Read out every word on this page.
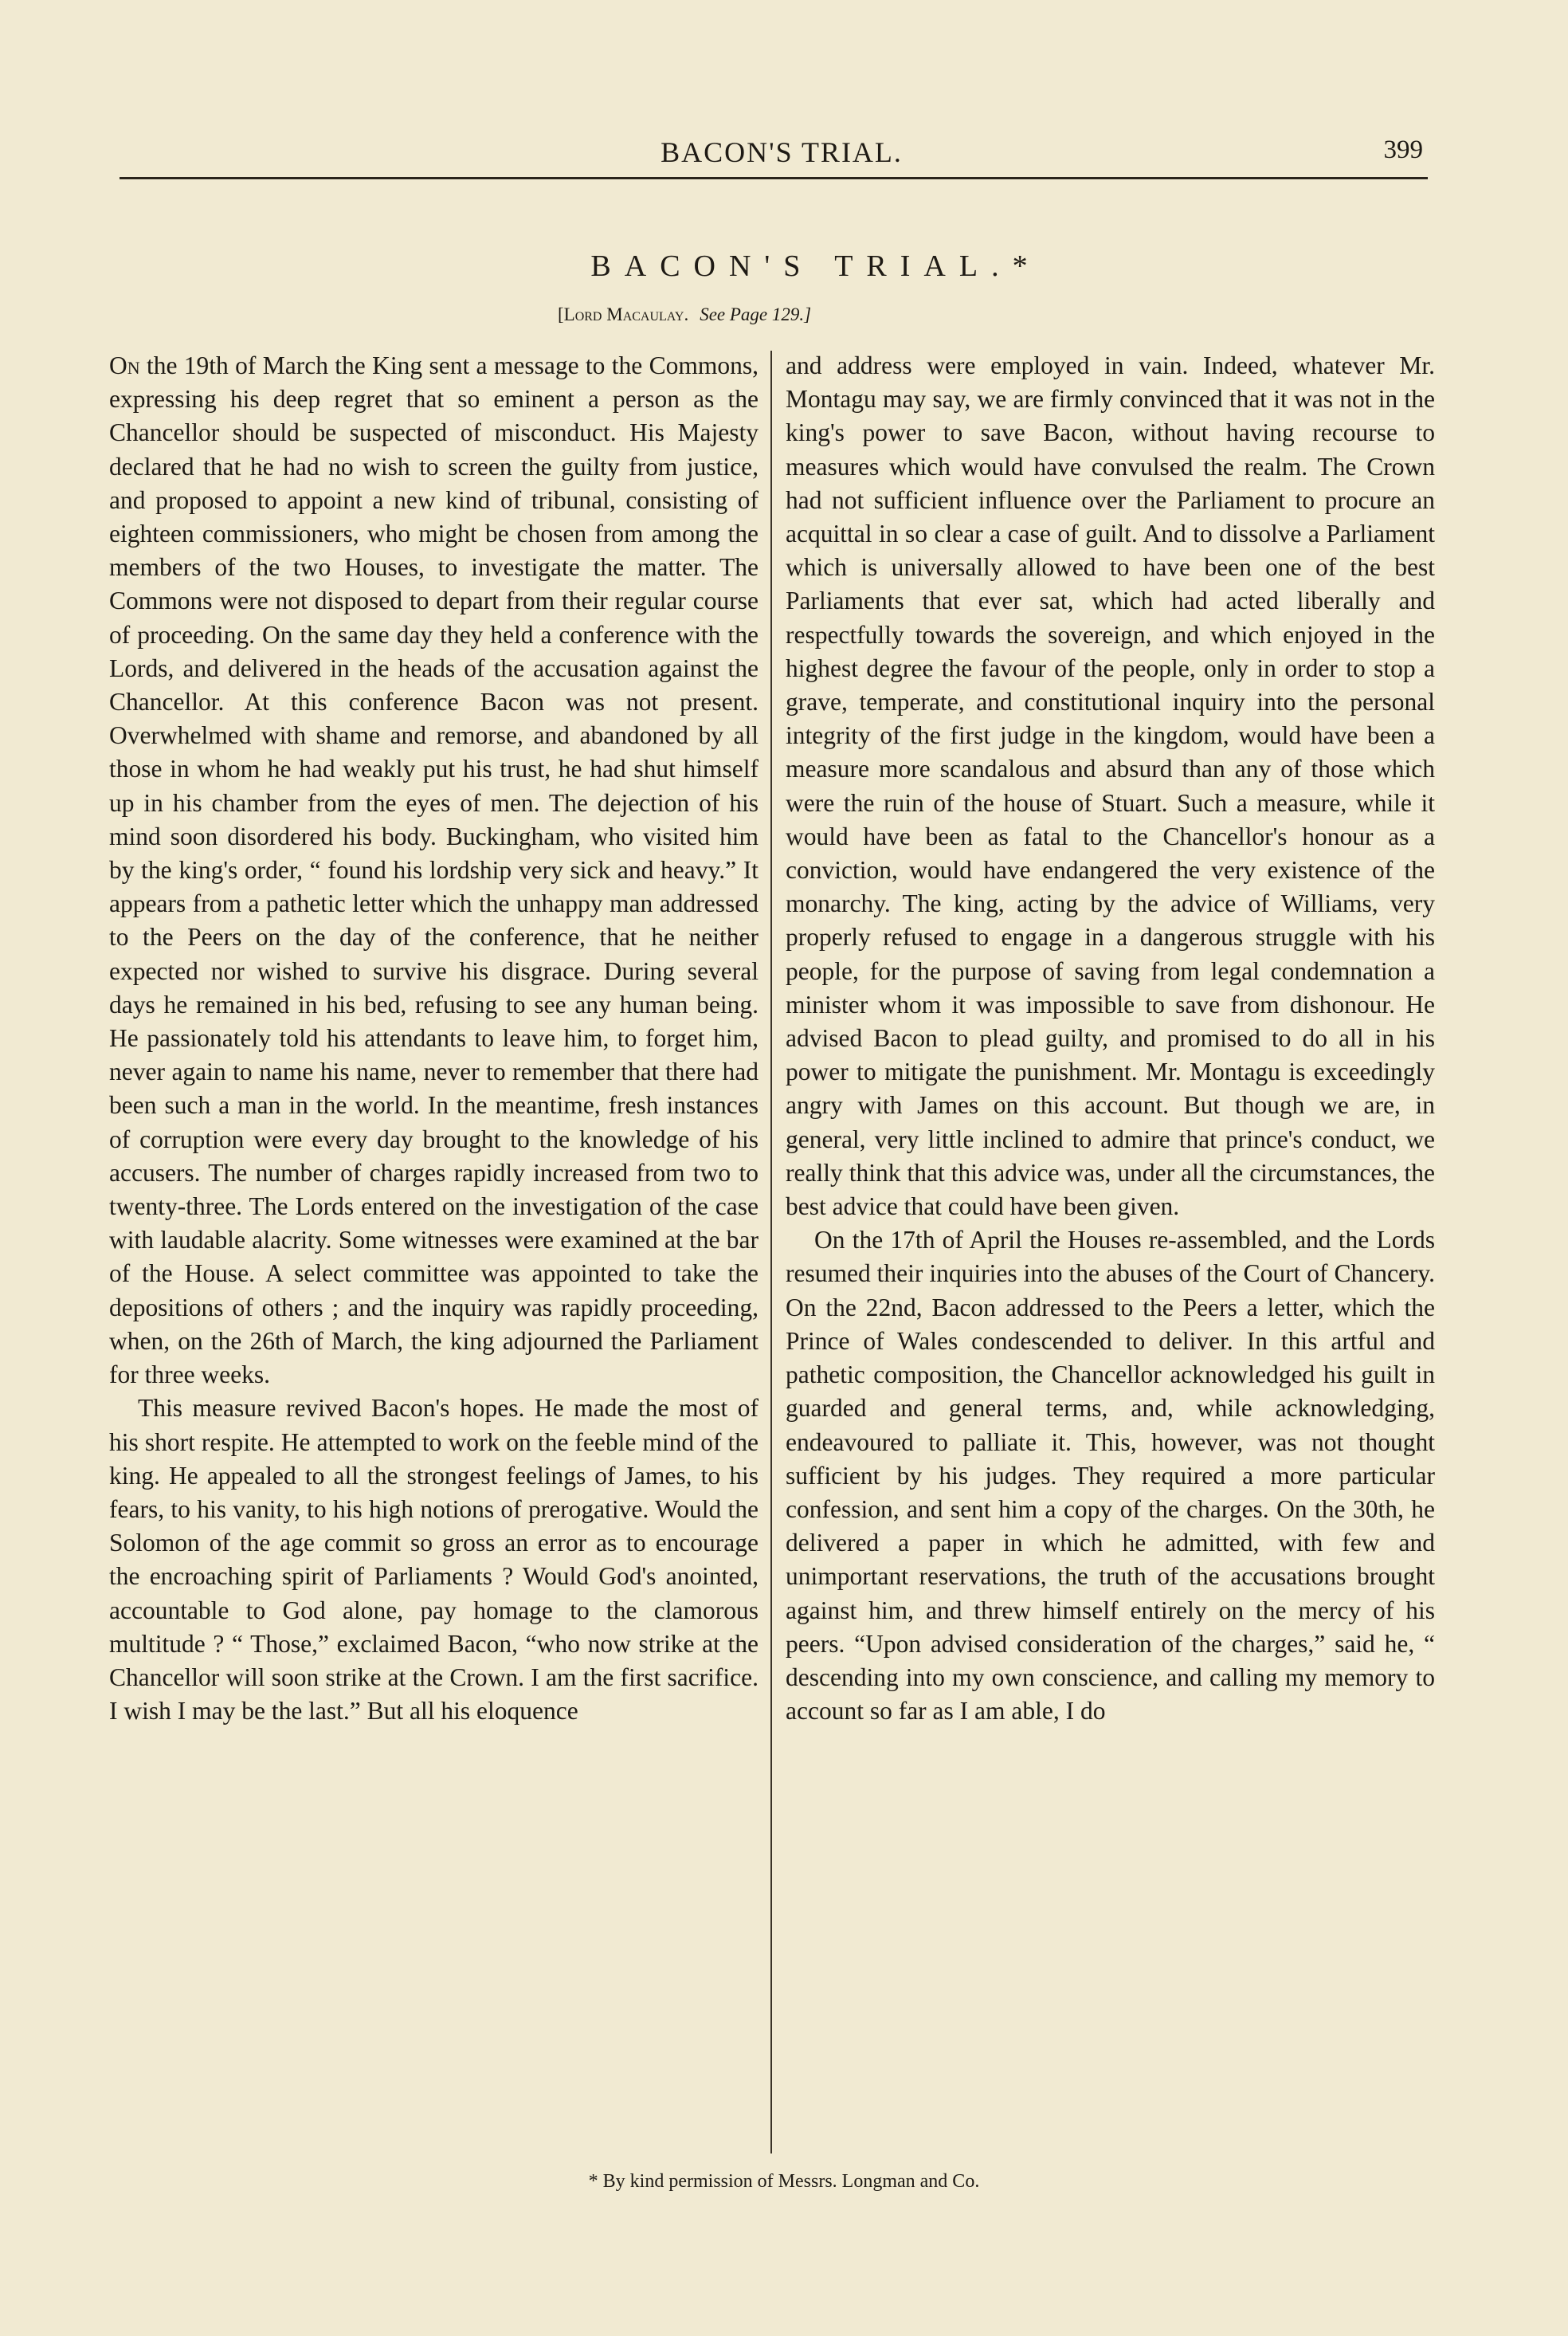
BACON'S TRIAL.	399
BACON'S TRIAL.*
[Lord Macaulay. See Page 129.]

On the 19th of March the King sent a message to the Commons, expressing his deep regret that so eminent a person as the Chancellor should be suspected of misconduct. His Majesty declared that he had no wish to screen the guilty from justice, and proposed to appoint a new kind of tribunal, consisting of eighteen commissioners, who might be chosen from among the members of the two Houses, to investigate the matter. The Commons were not disposed to depart from their regular course of proceeding. On the same day they held a conference with the Lords, and delivered in the heads of the accusation against the Chancellor. At this conference Bacon was not present. Overwhelmed with shame and remorse, and abandoned by all those in whom he had weakly put his trust, he had shut himself up in his chamber from the eyes of men. The dejection of his mind soon disordered his body. Buckingham, who visited him by the king's order, “ found his lordship very sick and heavy.” It appears from a pathetic letter which the unhappy man addressed to the Peers on the day of the conference, that he neither expected nor wished to survive his disgrace. During several days he remained in his bed, refusing to see any human being. He passionately told his attendants to leave him, to forget him, never again to name his name, never to remember that there had been such a man in the world. In the meantime, fresh instances of corruption were every day brought to the knowledge of his accusers. The number of charges rapidly increased from two to twenty-three. The Lords entered on the investigation of the case with laudable alacrity. Some witnesses were examined at the bar of the House. A select committee was appointed to take the depositions of others ; and the inquiry was rapidly proceeding, when, on the 26th of March, the king adjourned the Parliament for three weeks.

This measure revived Bacon's hopes. He made the most of his short respite. He attempted to work on the feeble mind of the king. He appealed to all the strongest feelings of James, to his fears, to his vanity, to his high notions of prerogative. Would the Solomon of the age commit so gross an error as to encourage the encroaching spirit of Parliaments ? Would God's anointed, accountable to God alone, pay homage to the clamorous multitude ? “ Those,” exclaimed Bacon, “who now strike at the Chancellor will soon strike at the Crown. I am the first sacrifice. I wish I may be the last.” But all his eloquence

and address were employed in vain. Indeed, whatever Mr. Montagu may say, we are firmly convinced that it was not in the king's power to save Bacon, without having recourse to measures which would have convulsed the realm. The Crown had not sufficient influence over the Parliament to procure an acquittal in so clear a case of guilt. And to dissolve a Parliament which is universally allowed to have been one of the best Parliaments that ever sat, which had acted liberally and respectfully towards the sovereign, and which enjoyed in the highest degree the favour of the people, only in order to stop a grave, temperate, and constitutional inquiry into the personal integrity of the first judge in the kingdom, would have been a measure more scandalous and absurd than any of those which were the ruin of the house of Stuart. Such a measure, while it would have been as fatal to the Chancellor's honour as a conviction, would have endangered the very existence of the monarchy. The king, acting by the advice of Williams, very properly refused to engage in a dangerous struggle with his people, for the purpose of saving from legal condemnation a minister whom it was impossible to save from dishonour. He advised Bacon to plead guilty, and promised to do all in his power to mitigate the punishment. Mr. Montagu is exceedingly angry with James on this account. But though we are, in general, very little inclined to admire that prince's conduct, we really think that this advice was, under all the circumstances, the best advice that could have been given.

On the 17th of April the Houses re-assembled, and the Lords resumed their inquiries into the abuses of the Court of Chancery. On the 22nd, Bacon addressed to the Peers a letter, which the Prince of Wales condescended to deliver. In this artful and pathetic composition, the Chancellor acknowledged his guilt in guarded and general terms, and, while acknowledging, endeavoured to palliate it. This, however, was not thought sufficient by his judges. They required a more particular confession, and sent him a copy of the charges. On the 30th, he delivered a paper in which he admitted, with few and unimportant reservations, the truth of the accusations brought against him, and threw himself entirely on the mercy of his peers. “Upon advised consideration of the charges,” said he, “ descending into my own conscience, and calling my memory to account so far as I am able, I do

* By kind permission of Messrs. Longman and Co.
